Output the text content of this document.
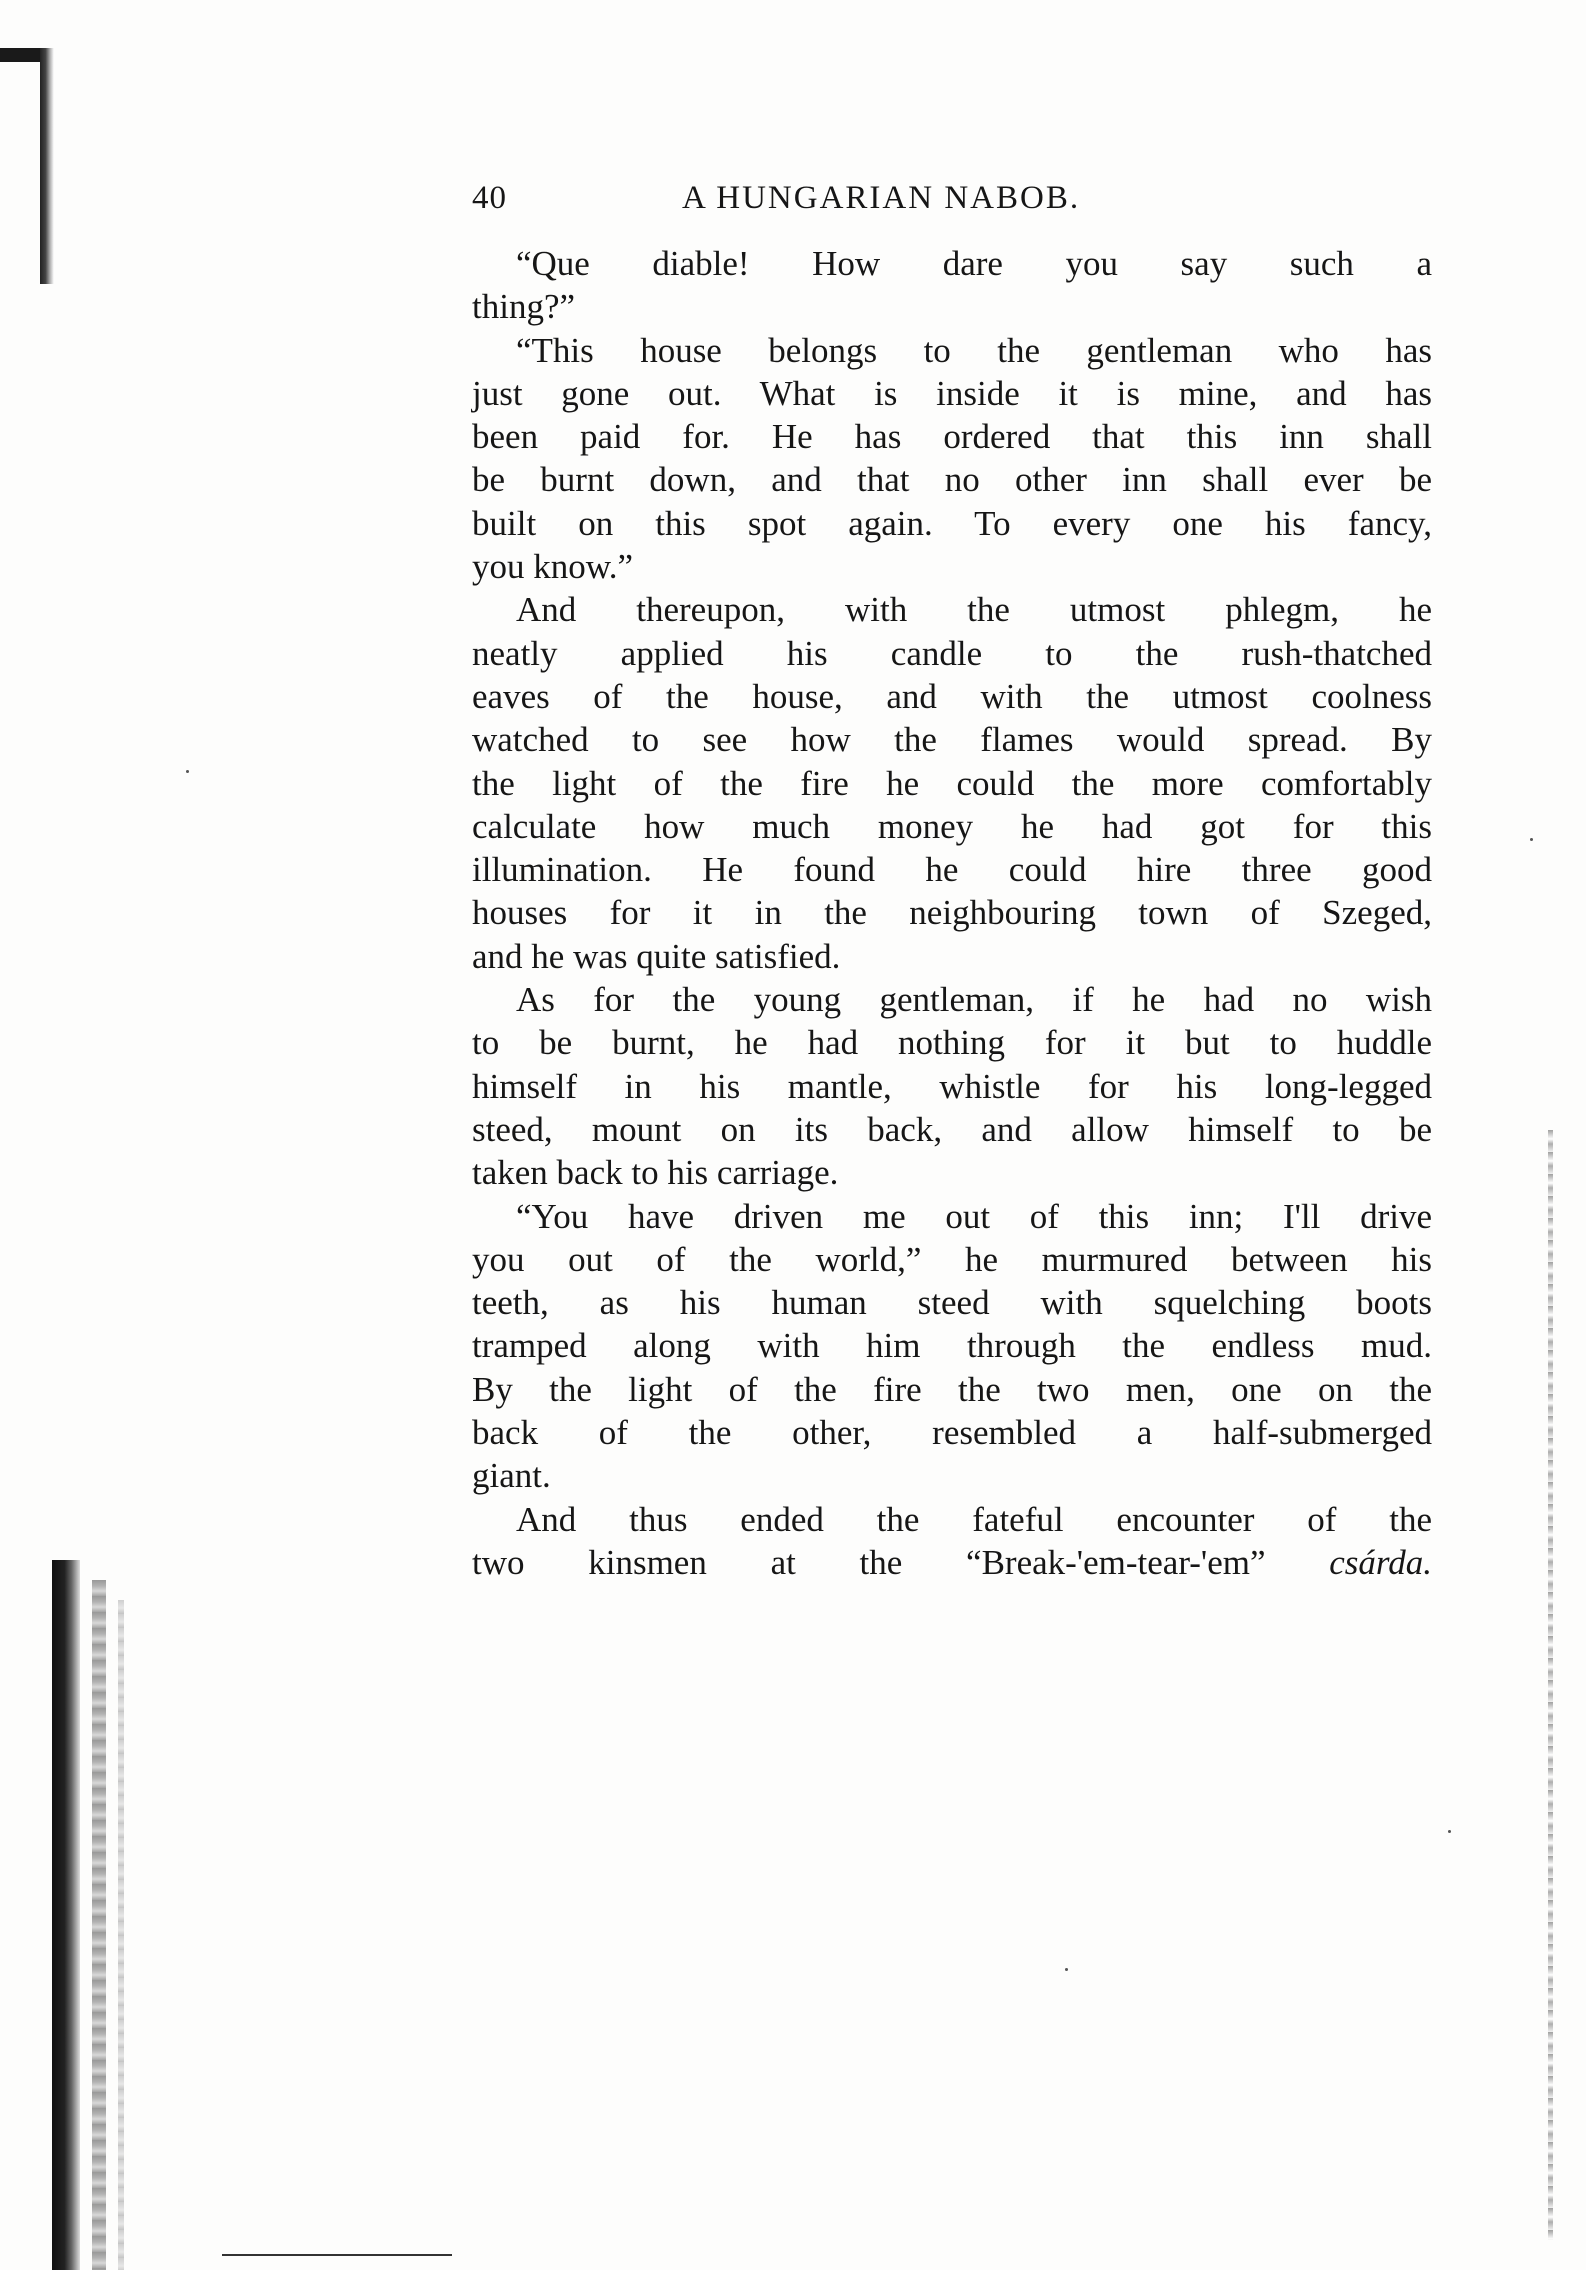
40	A HUNGARIAN NABOB.
“Que diable! How dare you say such a
thing?”
“This house belongs to the gentleman who has
just gone out. What is inside it is mine, and has
been paid for. He has ordered that this inn shall
be burnt down, and that no other inn shall ever be
built on this spot again. To every one his fancy,
you know.”
And thereupon, with the utmost phlegm, he
neatly applied his candle to the rush-thatched
eaves of the house, and with the utmost coolness
watched to see how the flames would spread. By
the light of the fire he could the more comfortably
calculate how much money he had got for this
illumination. He found he could hire three good
houses for it in the neighbouring town of Szeged,
and he was quite satisfied.
As for the young gentleman, if he had no wish
to be burnt, he had nothing for it but to huddle
himself in his mantle, whistle for his long-legged
steed, mount on its back, and allow himself to be
taken back to his carriage.
“You have driven me out of this inn; I'll drive
you out of the world,” he murmured between his
teeth, as his human steed with squelching boots
tramped along with him through the endless mud.
By the light of the fire the two men, one on the
back of the other, resembled a half-submerged
giant.
And thus ended the fateful encounter of the
two kinsmen at the “Break-'em-tear-'em” csárda.
